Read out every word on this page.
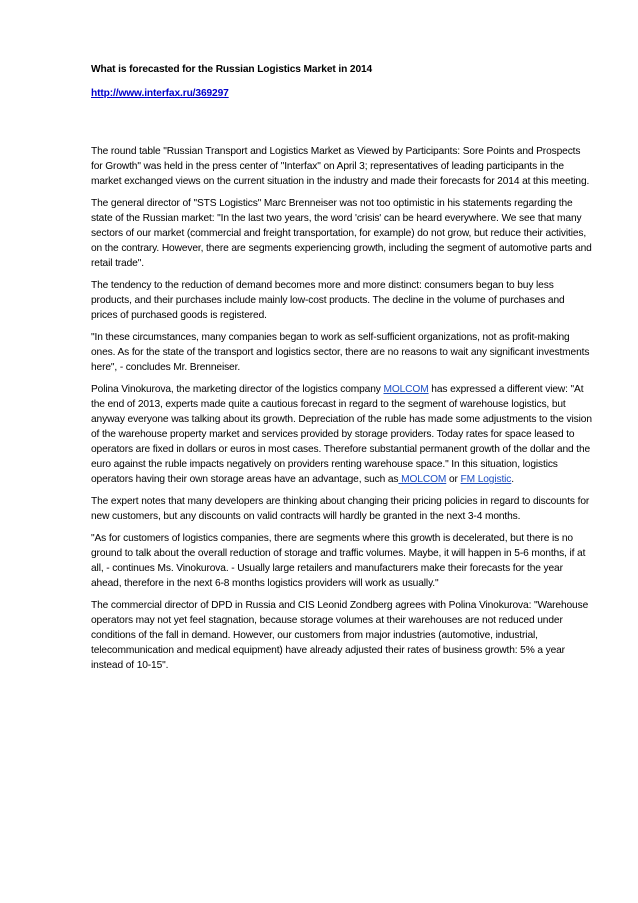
What is forecasted for the Russian Logistics Market in 2014
http://www.interfax.ru/369297

The round table "Russian Transport and Logistics Market as Viewed by Participants: Sore Points and Prospects for Growth" was held in the press center of "Interfax" on April 3; representatives of leading participants in the market exchanged views on the current situation in the industry and made their forecasts for 2014 at this meeting.

The general director of "STS Logistics" Marc Brenneiser was not too optimistic in his statements regarding the state of the Russian market: "In the last two years, the word 'crisis' can be heard everywhere. We see that many sectors of our market (commercial and freight transportation, for example) do not grow, but reduce their activities, on the contrary. However, there are segments experiencing growth, including the segment of automotive parts and retail trade".

The tendency to the reduction of demand becomes more and more distinct: consumers began to buy less products, and their purchases include mainly low-cost products. The decline in the volume of purchases and prices of purchased goods is registered.

"In these circumstances, many companies began to work as self-sufficient organizations, not as profit-making ones. As for the state of the transport and logistics sector, there are no reasons to wait any significant investments here", - concludes Mr. Brenneiser.

Polina Vinokurova, the marketing director of the logistics company MOLCOM has expressed a different view: "At the end of 2013, experts made quite a cautious forecast in regard to the segment of warehouse logistics, but anyway everyone was talking about its growth. Depreciation of the ruble has made some adjustments to the vision of the warehouse property market and services provided by storage providers. Today rates for space leased to operators are fixed in dollars or euros in most cases. Therefore substantial permanent growth of the dollar and the euro against the ruble impacts negatively on providers renting warehouse space." In this situation, logistics operators having their own storage areas have an advantage, such as MOLCOM or FM Logistic.

The expert notes that many developers are thinking about changing their pricing policies in regard to discounts for new customers, but any discounts on valid contracts will hardly be granted in the next 3-4 months.

"As for customers of logistics companies, there are segments where this growth is decelerated, but there is no ground to talk about the overall reduction of storage and traffic volumes. Maybe, it will happen in 5-6 months, if at all, - continues Ms. Vinokurova. - Usually large retailers and manufacturers make their forecasts for the year ahead, therefore in the next 6-8 months logistics providers will work as usually."

The commercial director of DPD in Russia and CIS Leonid Zondberg agrees with Polina Vinokurova: "Warehouse operators may not yet feel stagnation, because storage volumes at their warehouses are not reduced under conditions of the fall in demand. However, our customers from major industries (automotive, industrial, telecommunication and medical equipment) have already adjusted their rates of business growth: 5% a year instead of 10-15".
